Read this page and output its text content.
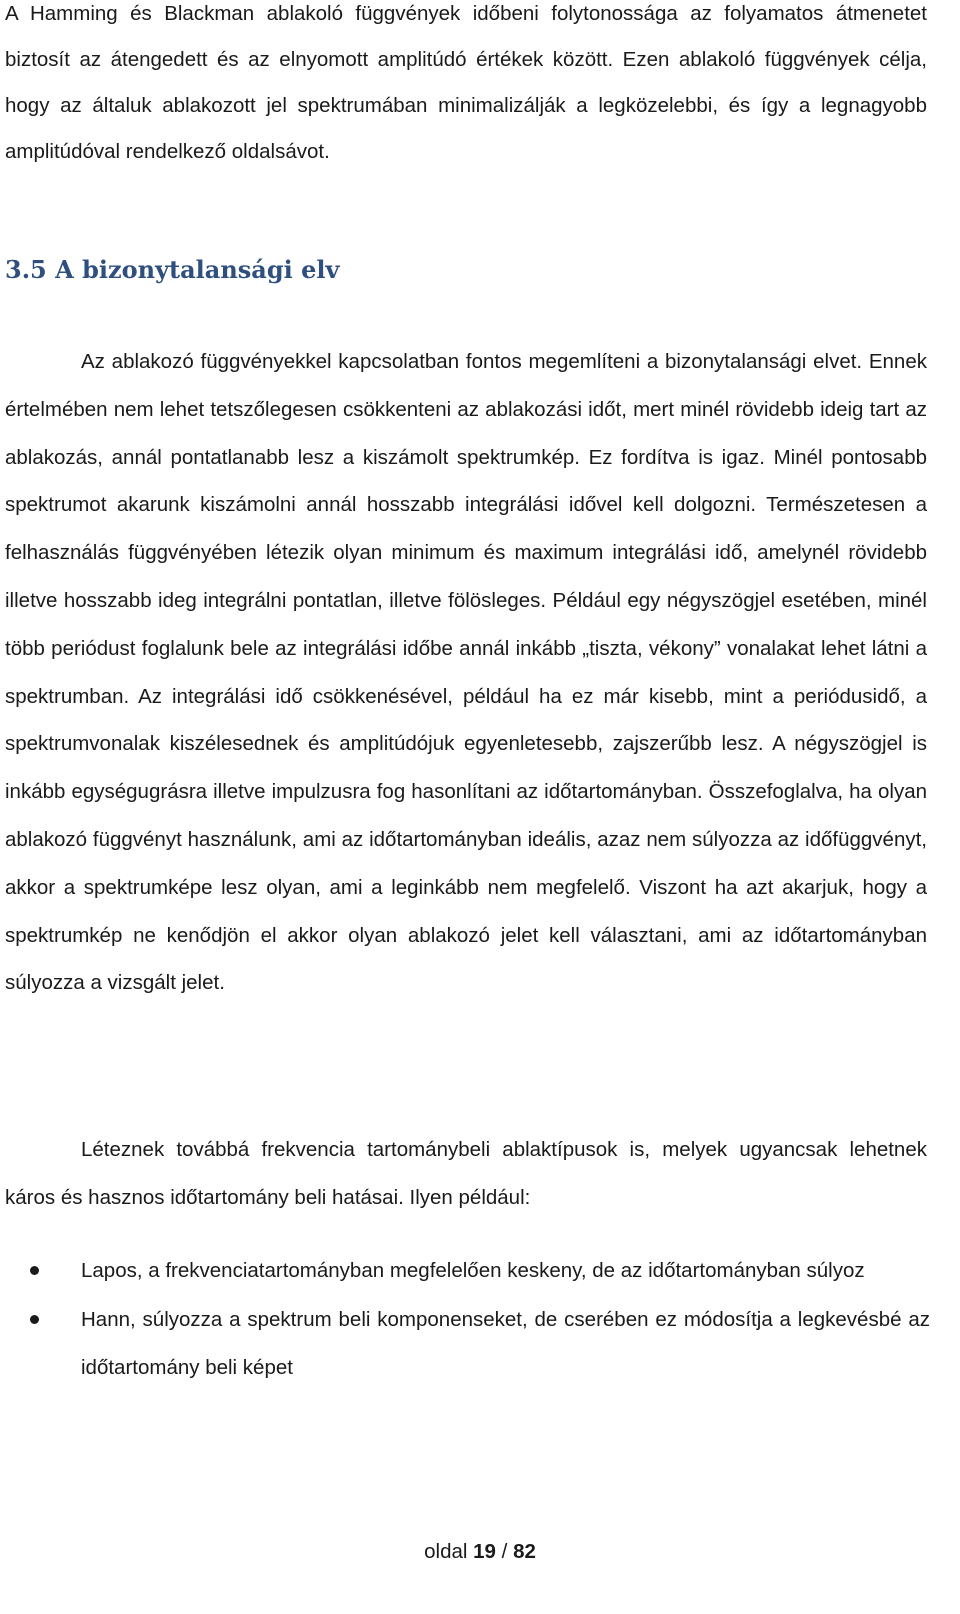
A Hamming és Blackman ablakoló függvények időbeni folytonossága az folyamatos átmenetet biztosít az átengedett és az elnyomott amplitúdó értékek között. Ezen ablakoló függvények célja, hogy az általuk ablakozott jel spektrumában minimalizálják a legközelebbi, és így a legnagyobb amplitúdóval rendelkező oldalsávot.

3.5 A bizonytalansági elv

Az ablakozó függvényekkel kapcsolatban fontos megemlíteni a bizonytalansági elvet. Ennek értelmében nem lehet tetszőlegesen csökkenteni az ablakozási időt, mert minél rövidebb ideig tart az ablakozás, annál pontatlanabb lesz a kiszámolt spektrumkép. Ez fordítva is igaz. Minél pontosabb spektrumot akarunk kiszámolni annál hosszabb integrálási idővel kell dolgozni. Természetesen a felhasználás függvényében létezik olyan minimum és maximum integrálási idő, amelynél rövidebb illetve hosszabb ideg integrálni pontatlan, illetve fölösleges. Például egy négyszögjel esetében, minél több periódust foglalunk bele az integrálási időbe annál inkább „tiszta, vékony” vonalakat lehet látni a spektrumban. Az integrálási idő csökkenésével, például ha ez már kisebb, mint a periódusidő, a spektrumvonalak kiszélesednek és amplitúdójuk egyenletesebb, zajszerűbb lesz. A négyszögjel is inkább egységugrásra illetve impulzusra fog hasonlítani az időtartományban. Összefoglalva, ha olyan ablakozó függvényt használunk, ami az időtartományban ideális, azaz nem súlyozza az időfüggvényt, akkor a spektrumképe lesz olyan, ami a leginkább nem megfelelő. Viszont ha azt akarjuk, hogy a spektrumkép ne kenődjön el akkor olyan ablakozó jelet kell választani, ami az időtartományban súlyozza a vizsgált jelet.

Léteznek továbbá frekvencia tartománybeli ablaktípusok is, melyek ugyancsak lehetnek káros és hasznos időtartomány beli hatásai. Ilyen például:

Lapos, a frekvenciatartományban megfelelően keskeny, de az időtartományban súlyoz
Hann, súlyozza a spektrum beli komponenseket, de cserében ez módosítja a legkevésbé az időtartomány beli képet
oldal 19 / 82
